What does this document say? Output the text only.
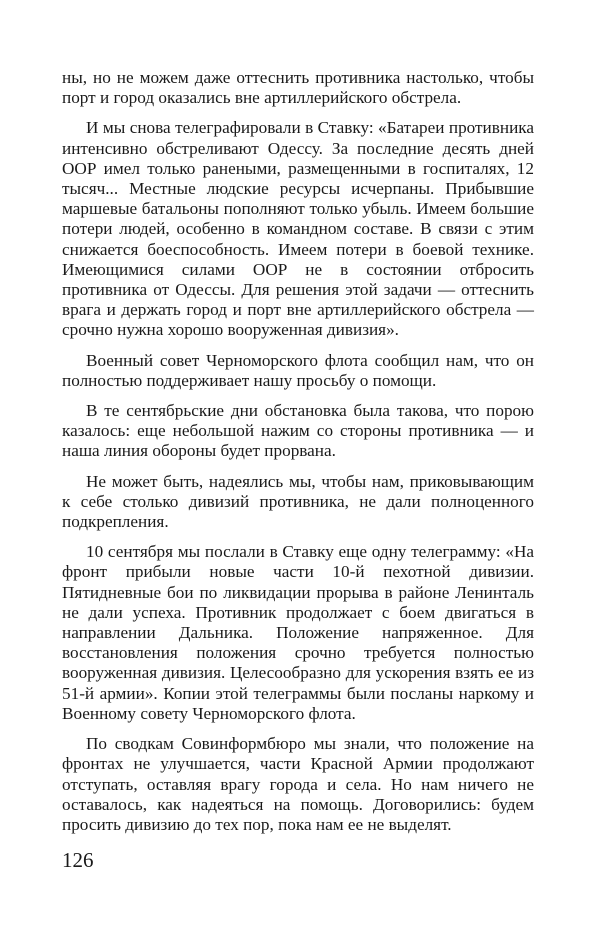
ны, но не можем даже оттеснить противника настолько, чтобы порт и город оказались вне артиллерийского обстрела.

И мы снова телеграфировали в Ставку: «Батареи противника интенсивно обстреливают Одессу. За последние десять дней ООР имел только ранеными, размещенными в госпиталях, 12 тысяч... Местные людские ресурсы исчерпаны. Прибывшие маршевые батальоны пополняют только убыль. Имеем большие потери людей, особенно в командном составе. В связи с этим снижается боеспособность. Имеем потери в боевой технике. Имеющимися силами ООР не в состоянии отбросить противника от Одессы. Для решения этой задачи — оттеснить врага и держать город и порт вне артиллерийского обстрела — срочно нужна хорошо вооруженная дивизия».

Военный совет Черноморского флота сообщил нам, что он полностью поддерживает нашу просьбу о помощи.

В те сентябрьские дни обстановка была такова, что порою казалось: еще небольшой нажим со стороны противника — и наша линия обороны будет прорвана.

Не может быть, надеялись мы, чтобы нам, приковывающим к себе столько дивизий противника, не дали полноценного подкрепления.

10 сентября мы послали в Ставку еще одну телеграмму: «На фронт прибыли новые части 10-й пехотной дивизии. Пятидневные бои по ликвидации прорыва в районе Ленинталь не дали успеха. Противник продолжает с боем двигаться в направлении Дальника. Положение напряженное. Для восстановления положения срочно требуется полностью вооруженная дивизия. Целесообразно для ускорения взять ее из 51-й армии». Копии этой телеграммы были посланы наркому и Военному совету Черноморского флота.

По сводкам Совинформбюро мы знали, что положение на фронтах не улучшается, части Красной Армии продолжают отступать, оставляя врагу города и села. Но нам ничего не оставалось, как надеяться на помощь. Договорились: будем просить дивизию до тех пор, пока нам ее не выделят.

126
